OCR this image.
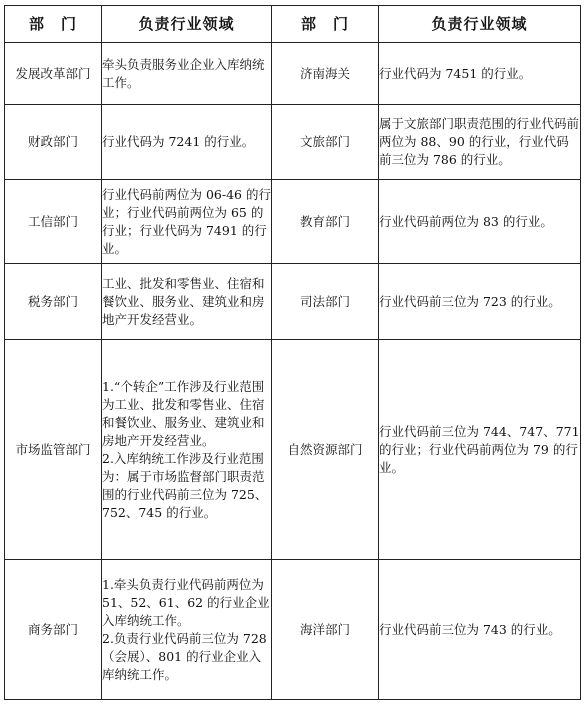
部　门	负责行业领域	部　门	负责行业领域
发展改革部门	牵头负责服务业企业入库纳统工作。	济南海关	行业代码为 7451 的行业。

财政部门	行业代码为 7241 的行业。	文旅部门	属于文旅部门职责范围的行业代码前两位为 88、90 的行业，行业代码前三位为 786 的行业。

工信部门	行业代码前两位为 06-46 的行业；行业代码前两位为 65 的行业；行业代码为 7491 的行业。	教育部门	行业代码前两位为 83 的行业。

税务部门	工业、批发和零售业、住宿和餐饮业、服务业、建筑业和房地产开发经营业。	司法部门	行业代码前三位为 723 的行业。

市场监管部门	1.“个转企”工作涉及行业范围为工业、批发和零售业、住宿和餐饮业、服务业、建筑业和房地产开发经营业。
2.入库纳统工作涉及行业范围为：属于市场监督部门职责范围的行业代码前三位为 725、752、745 的行业。	自然资源部门	行业代码前三位为 744、747、771 的行业；行业代码前两位为 79 的行业。

商务部门	1.牵头负责行业代码前两位为 51、52、61、62 的行业企业入库纳统工作。
2.负责行业代码前三位为 728（会展）、801 的行业企业入库纳统工作。	海洋部门	行业代码前三位为 743 的行业。
